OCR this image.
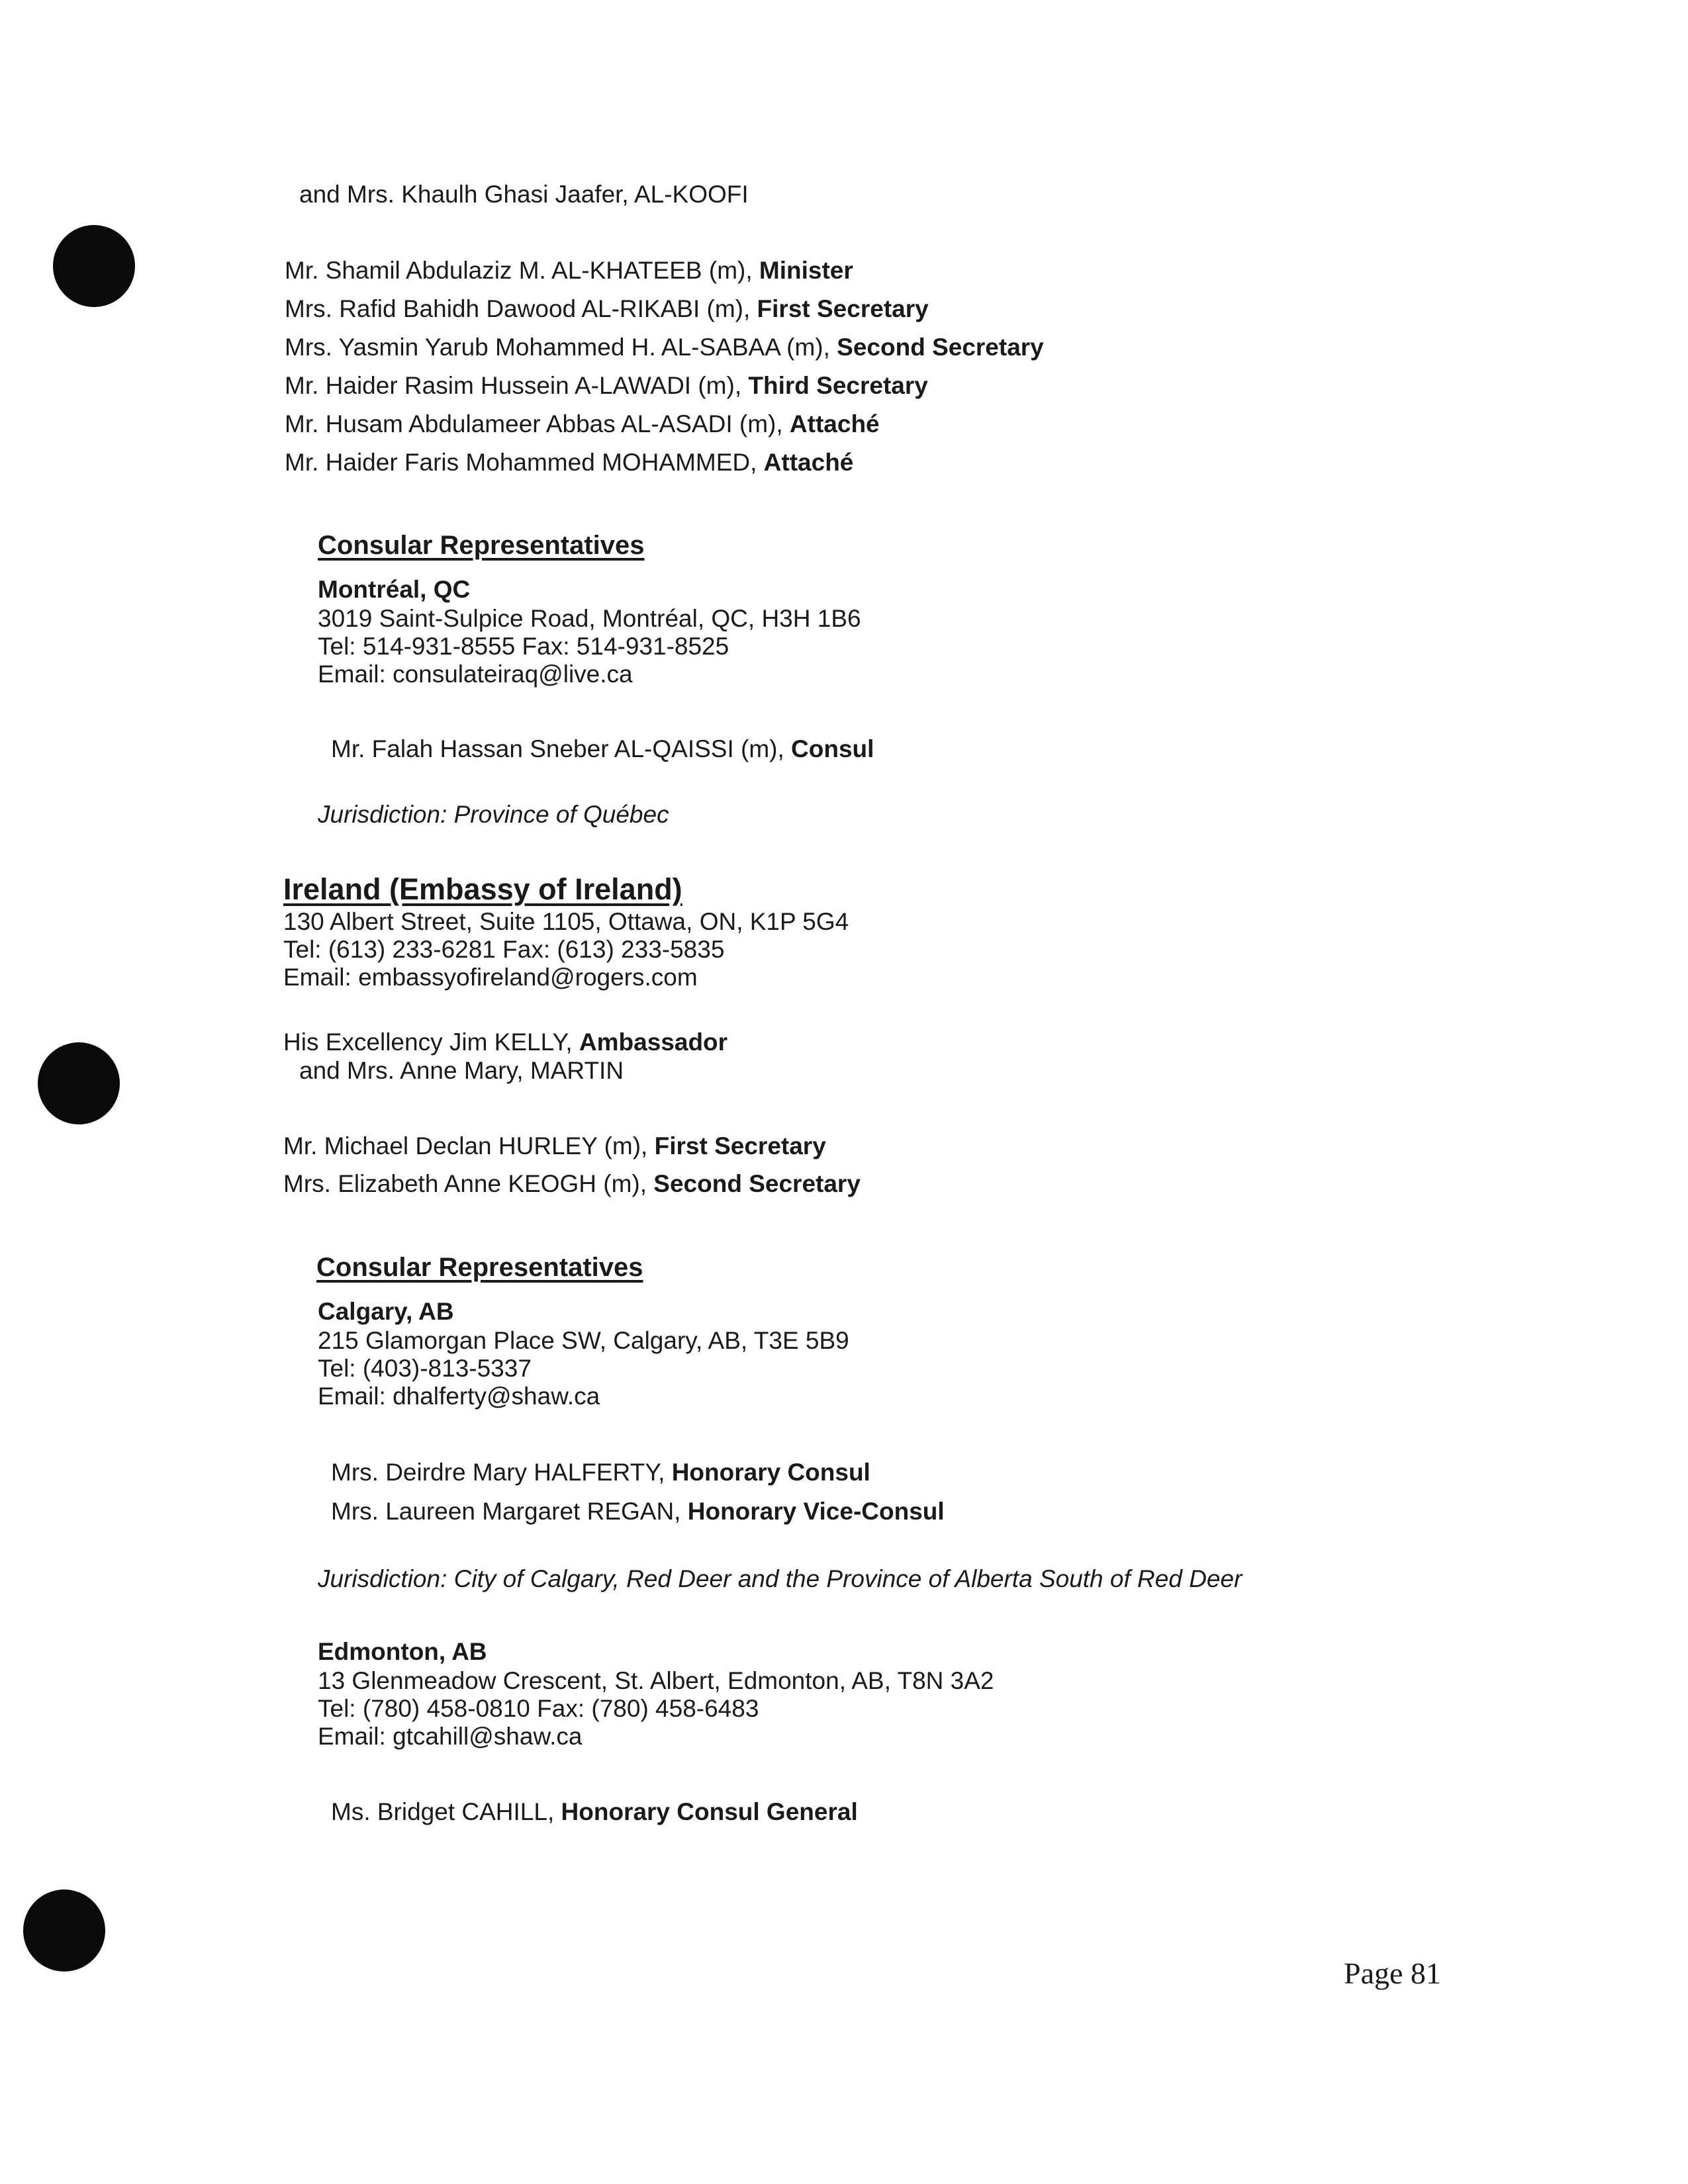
and Mrs. Khaulh Ghasi Jaafer, AL-KOOFI
Mr. Shamil Abdulaziz M. AL-KHATEEB (m), Minister
Mrs. Rafid Bahidh Dawood AL-RIKABI (m), First Secretary
Mrs. Yasmin Yarub Mohammed H. AL-SABAA (m), Second Secretary
Mr. Haider Rasim Hussein A-LAWADI (m), Third Secretary
Mr. Husam Abdulameer Abbas AL-ASADI (m), Attaché
Mr. Haider Faris Mohammed MOHAMMED, Attaché
Consular Representatives
Montréal, QC
3019 Saint-Sulpice Road, Montréal, QC, H3H 1B6
Tel: 514-931-8555 Fax: 514-931-8525
Email: consulateiraq@live.ca
Mr. Falah Hassan Sneber AL-QAISSI (m), Consul
Jurisdiction: Province of Québec
Ireland (Embassy of Ireland)
130 Albert Street, Suite 1105, Ottawa, ON, K1P 5G4
Tel: (613) 233-6281 Fax: (613) 233-5835
Email: embassyofireland@rogers.com
His Excellency Jim KELLY, Ambassador
and Mrs. Anne Mary, MARTIN
Mr. Michael Declan HURLEY (m), First Secretary
Mrs. Elizabeth Anne KEOGH (m), Second Secretary
Consular Representatives
Calgary, AB
215 Glamorgan Place SW, Calgary, AB, T3E 5B9
Tel: (403)-813-5337
Email: dhalferty@shaw.ca
Mrs. Deirdre Mary HALFERTY, Honorary Consul
Mrs. Laureen Margaret REGAN, Honorary Vice-Consul
Jurisdiction: City of Calgary, Red Deer and the Province of Alberta South of Red Deer
Edmonton, AB
13 Glenmeadow Crescent, St. Albert, Edmonton, AB, T8N 3A2
Tel: (780) 458-0810 Fax: (780) 458-6483
Email: gtcahill@shaw.ca
Ms. Bridget CAHILL, Honorary Consul General
Page 81
